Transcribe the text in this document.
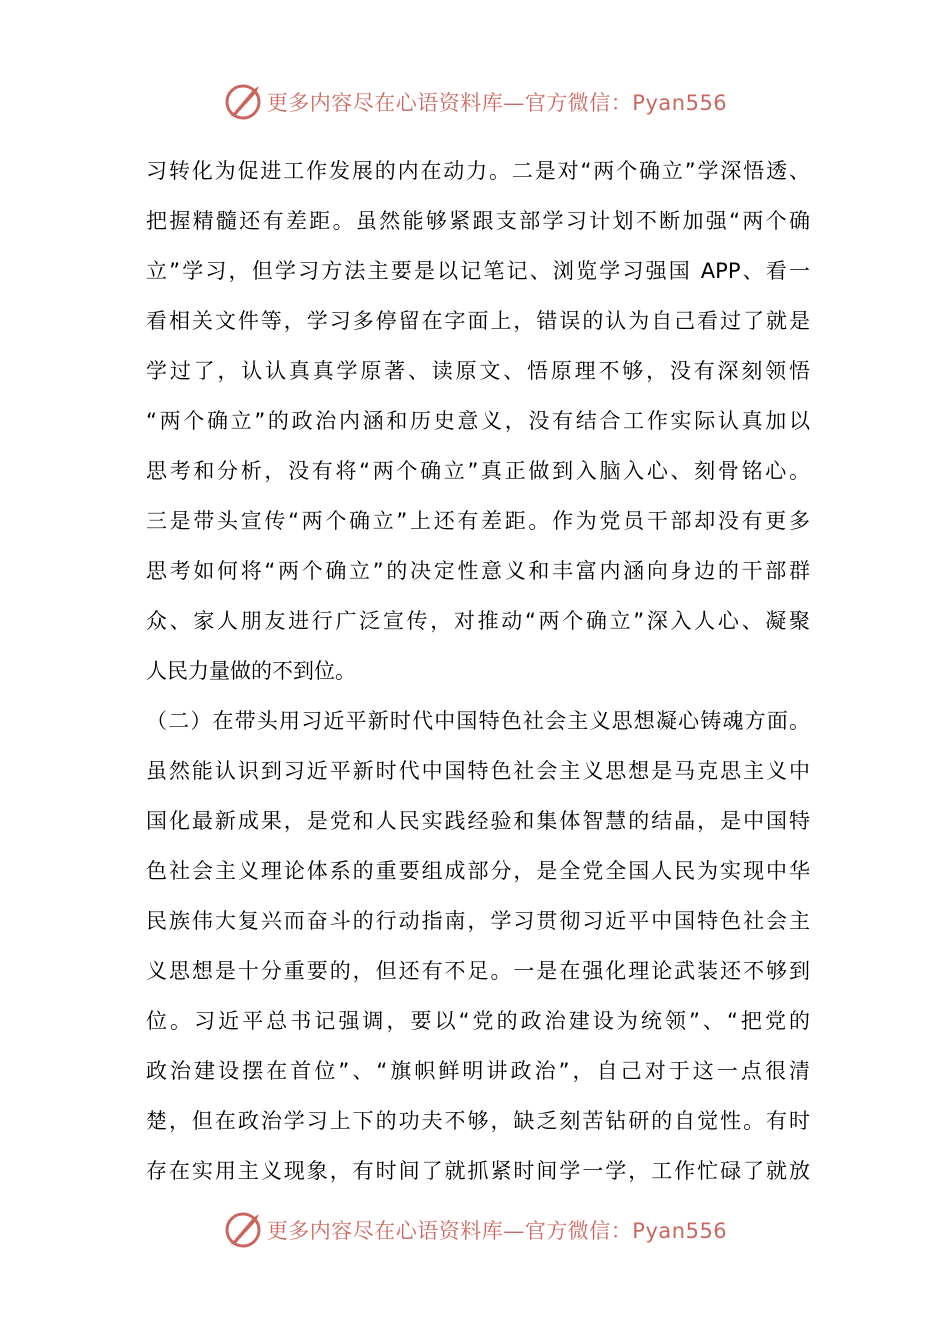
更多内容尽在心语资料库—官方微信：Pyan556
习转化为促进工作发展的内在动力。二是对“两个确立”学深悟透、
把握精髓还有差距。虽然能够紧跟支部学习计划不断加强“两个确
立”学习，但学习方法主要是以记笔记、浏览学习强国 APP、看一
看相关文件等，学习多停留在字面上，错误的认为自己看过了就是
学过了，认认真真学原著、读原文、悟原理不够，没有深刻领悟
“两个确立”的政治内涵和历史意义，没有结合工作实际认真加以
思考和分析，没有将“两个确立”真正做到入脑入心、刻骨铭心。
三是带头宣传“两个确立”上还有差距。作为党员干部却没有更多
思考如何将“两个确立”的决定性意义和丰富内涵向身边的干部群
众、家人朋友进行广泛宣传，对推动“两个确立”深入人心、凝聚
人民力量做的不到位。
（二）在带头用习近平新时代中国特色社会主义思想凝心铸魂方面。
虽然能认识到习近平新时代中国特色社会主义思想是马克思主义中
国化最新成果，是党和人民实践经验和集体智慧的结晶，是中国特
色社会主义理论体系的重要组成部分，是全党全国人民为实现中华
民族伟大复兴而奋斗的行动指南，学习贯彻习近平中国特色社会主
义思想是十分重要的，但还有不足。一是在强化理论武装还不够到
位。习近平总书记强调，要以“党的政治建设为统领”、“把党的
政治建设摆在首位”、“旗帜鲜明讲政治”，自己对于这一点很清
楚，但在政治学习上下的功夫不够，缺乏刻苦钻研的自觉性。有时
存在实用主义现象，有时间了就抓紧时间学一学，工作忙碌了就放
更多内容尽在心语资料库—官方微信：Pyan556
